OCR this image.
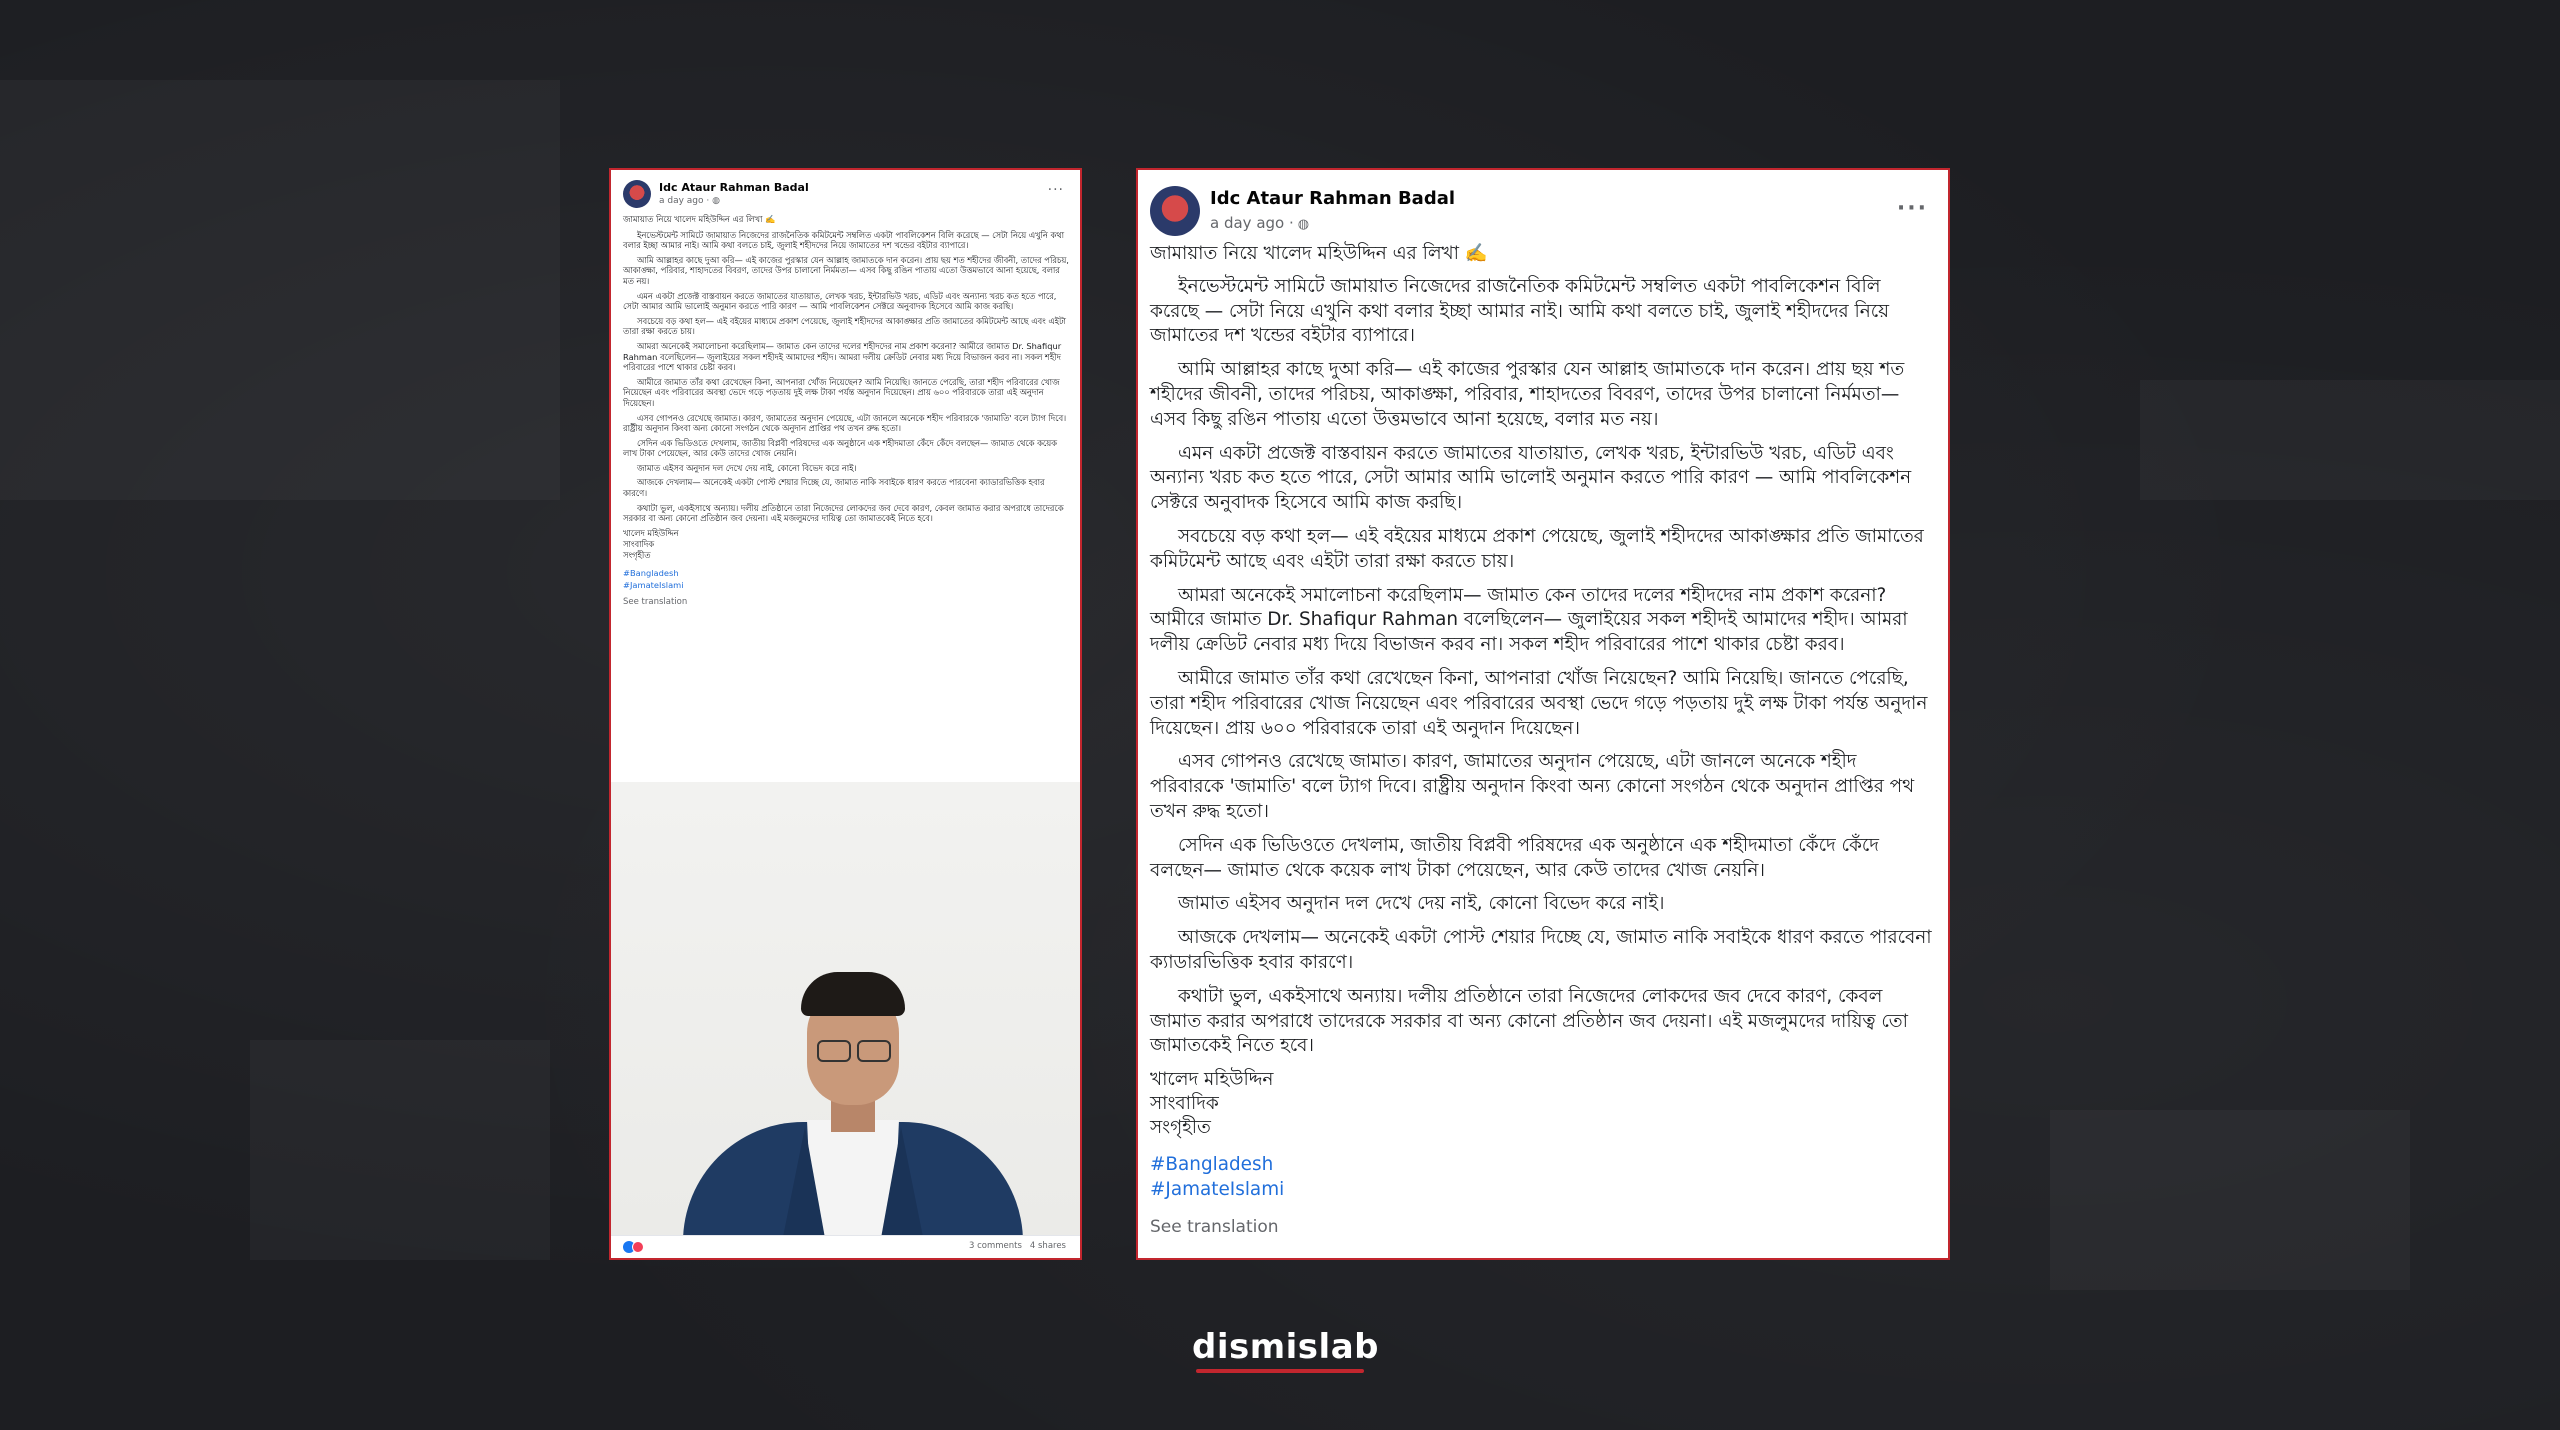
Idc Ataur Rahman Badal
a day ago · ◍
···

জামায়াত নিয়ে খালেদ মহিউদ্দিন এর লিখা ✍️

ইনভেস্টমেন্ট সামিটে জামায়াত নিজেদের রাজনৈতিক কমিটমেন্ট সম্বলিত একটা পাবলিকেশন বিলি করেছে — সেটা নিয়ে এখুনি কথা বলার ইচ্ছা আমার নাই। আমি কথা বলতে চাই, জুলাই শহীদদের নিয়ে জামাতের দশ খন্ডের বইটার ব্যাপারে।

আমি আল্লাহর কাছে দুআ করি— এই কাজের পুরস্কার যেন আল্লাহ জামাতকে দান করেন। প্রায় ছয় শত শহীদের জীবনী, তাদের পরিচয়, আকাঙ্ক্ষা, পরিবার, শাহাদতের বিবরণ, তাদের উপর চালানো নির্মমতা— এসব কিছু রঙিন পাতায় এতো উত্তমভাবে আনা হয়েছে, বলার মত নয়।

এমন একটা প্রজেক্ট বাস্তবায়ন করতে জামাতের যাতায়াত, লেখক খরচ, ইন্টারভিউ খরচ, এডিট এবং অন্যান্য খরচ কত হতে পারে, সেটা আমার আমি ভালোই অনুমান করতে পারি কারণ — আমি পাবলিকেশন সেক্টরে অনুবাদক হিসেবে আমি কাজ করছি।

সবচেয়ে বড় কথা হল— এই বইয়ের মাধ্যমে প্রকাশ পেয়েছে, জুলাই শহীদদের আকাঙ্ক্ষার প্রতি জামাতের কমিটমেন্ট আছে এবং এইটা তারা রক্ষা করতে চায়।

আমরা অনেকেই সমালোচনা করেছিলাম— জামাত কেন তাদের দলের শহীদদের নাম প্রকাশ করেনা? আমীরে জামাত Dr. Shafiqur Rahman বলেছিলেন— জুলাইয়ের সকল শহীদই আমাদের শহীদ। আমরা দলীয় ক্রেডিট নেবার মধ্য দিয়ে বিভাজন করব না। সকল শহীদ পরিবারের পাশে থাকার চেষ্টা করব।

আমীরে জামাত তাঁর কথা রেখেছেন কিনা, আপনারা খোঁজ নিয়েছেন? আমি নিয়েছি। জানতে পেরেছি, তারা শহীদ পরিবারের খোজ নিয়েছেন এবং পরিবারের অবস্থা ভেদে গড়ে পড়তায় দুই লক্ষ টাকা পর্যন্ত অনুদান দিয়েছেন। প্রায় ৬০০ পরিবারকে তারা এই অনুদান দিয়েছেন।

এসব গোপনও রেখেছে জামাত। কারণ, জামাতের অনুদান পেয়েছে, এটা জানলে অনেকে শহীদ পরিবারকে 'জামাতি' বলে ট্যাগ দিবে। রাষ্ট্রীয় অনুদান কিংবা অন্য কোনো সংগঠন থেকে অনুদান প্রাপ্তির পথ তখন রুদ্ধ হতো।

সেদিন এক ভিডিওতে দেখলাম, জাতীয় বিপ্লবী পরিষদের এক অনুষ্ঠানে এক শহীদমাতা কেঁদে কেঁদে বলছেন— জামাত থেকে কয়েক লাখ টাকা পেয়েছেন, আর কেউ তাদের খোজ নেয়নি।

জামাত এইসব অনুদান দল দেখে দেয় নাই, কোনো বিভেদ করে নাই।

আজকে দেখলাম— অনেকেই একটা পোস্ট শেয়ার দিচ্ছে যে, জামাত নাকি সবাইকে ধারণ করতে পারবেনা ক্যাডারভিত্তিক হবার কারণে।

কথাটা ভুল, একইসাথে অন্যায়। দলীয় প্রতিষ্ঠানে তারা নিজেদের লোকদের জব দেবে কারণ, কেবল জামাত করার অপরাধে তাদেরকে সরকার বা অন্য কোনো প্রতিষ্ঠান জব দেয়না। এই মজলুমদের দায়িত্ব তো জামাতকেই নিতে হবে।

খালেদ মহিউদ্দিন
সাংবাদিক
সংগৃহীত
#Bangladesh
#JamateIslami
See translation
3 comments 4 shares
Idc Ataur Rahman Badal
a day ago · ◍
···

জামায়াত নিয়ে খালেদ মহিউদ্দিন এর লিখা ✍️

ইনভেস্টমেন্ট সামিটে জামায়াত নিজেদের রাজনৈতিক কমিটমেন্ট সম্বলিত একটা পাবলিকেশন বিলি করেছে — সেটা নিয়ে এখুনি কথা বলার ইচ্ছা আমার নাই। আমি কথা বলতে চাই, জুলাই শহীদদের নিয়ে জামাতের দশ খন্ডের বইটার ব্যাপারে।

আমি আল্লাহর কাছে দুআ করি— এই কাজের পুরস্কার যেন আল্লাহ জামাতকে দান করেন। প্রায় ছয় শত শহীদের জীবনী, তাদের পরিচয়, আকাঙ্ক্ষা, পরিবার, শাহাদতের বিবরণ, তাদের উপর চালানো নির্মমতা— এসব কিছু রঙিন পাতায় এতো উত্তমভাবে আনা হয়েছে, বলার মত নয়।

এমন একটা প্রজেক্ট বাস্তবায়ন করতে জামাতের যাতায়াত, লেখক খরচ, ইন্টারভিউ খরচ, এডিট এবং অন্যান্য খরচ কত হতে পারে, সেটা আমার আমি ভালোই অনুমান করতে পারি কারণ — আমি পাবলিকেশন সেক্টরে অনুবাদক হিসেবে আমি কাজ করছি।

সবচেয়ে বড় কথা হল— এই বইয়ের মাধ্যমে প্রকাশ পেয়েছে, জুলাই শহীদদের আকাঙ্ক্ষার প্রতি জামাতের কমিটমেন্ট আছে এবং এইটা তারা রক্ষা করতে চায়।

আমরা অনেকেই সমালোচনা করেছিলাম— জামাত কেন তাদের দলের শহীদদের নাম প্রকাশ করেনা? আমীরে জামাত Dr. Shafiqur Rahman বলেছিলেন— জুলাইয়ের সকল শহীদই আমাদের শহীদ। আমরা দলীয় ক্রেডিট নেবার মধ্য দিয়ে বিভাজন করব না। সকল শহীদ পরিবারের পাশে থাকার চেষ্টা করব।

আমীরে জামাত তাঁর কথা রেখেছেন কিনা, আপনারা খোঁজ নিয়েছেন? আমি নিয়েছি। জানতে পেরেছি, তারা শহীদ পরিবারের খোজ নিয়েছেন এবং পরিবারের অবস্থা ভেদে গড়ে পড়তায় দুই লক্ষ টাকা পর্যন্ত অনুদান দিয়েছেন। প্রায় ৬০০ পরিবারকে তারা এই অনুদান দিয়েছেন।

এসব গোপনও রেখেছে জামাত। কারণ, জামাতের অনুদান পেয়েছে, এটা জানলে অনেকে শহীদ পরিবারকে 'জামাতি' বলে ট্যাগ দিবে। রাষ্ট্রীয় অনুদান কিংবা অন্য কোনো সংগঠন থেকে অনুদান প্রাপ্তির পথ তখন রুদ্ধ হতো।

সেদিন এক ভিডিওতে দেখলাম, জাতীয় বিপ্লবী পরিষদের এক অনুষ্ঠানে এক শহীদমাতা কেঁদে কেঁদে বলছেন— জামাত থেকে কয়েক লাখ টাকা পেয়েছেন, আর কেউ তাদের খোজ নেয়নি।

জামাত এইসব অনুদান দল দেখে দেয় নাই, কোনো বিভেদ করে নাই।

আজকে দেখলাম— অনেকেই একটা পোস্ট শেয়ার দিচ্ছে যে, জামাত নাকি সবাইকে ধারণ করতে পারবেনা ক্যাডারভিত্তিক হবার কারণে।

কথাটা ভুল, একইসাথে অন্যায়। দলীয় প্রতিষ্ঠানে তারা নিজেদের লোকদের জব দেবে কারণ, কেবল জামাত করার অপরাধে তাদেরকে সরকার বা অন্য কোনো প্রতিষ্ঠান জব দেয়না। এই মজলুমদের দায়িত্ব তো জামাতকেই নিতে হবে।

খালেদ মহিউদ্দিন
সাংবাদিক
সংগৃহীত
#Bangladesh
#JamateIslami
See translation
dismislab
